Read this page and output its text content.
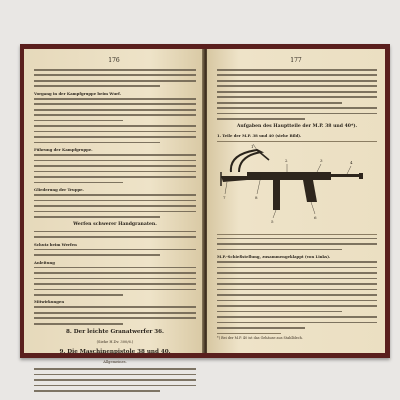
176
Vorgang in der Kampfgruppe beim Wurf.
Führung der Kampfgruppe.
Gliederung der Truppe.
Werfen schwerer Handgranaten.
Schutz beim Werfen
Anleitung
Mitwirkungen
8. Der leichte Granatwerfer 36.
(Siehe H.Dv. 300/6.)
9. Die Maschinenpistole 38 und 40.
Allgemeines.
177
Aufgaben des Hauptteile der M.P. 38 und 40*).
1. Teile der M.P. 38 und 40 (siehe Bild).
1
2	3	4
5
6
7	8
M.P.-Schießstellung, zusammengeklappt (von Links).
*) Bei der M.P. 40 ist das Gehäuse aus Stahlblech.
